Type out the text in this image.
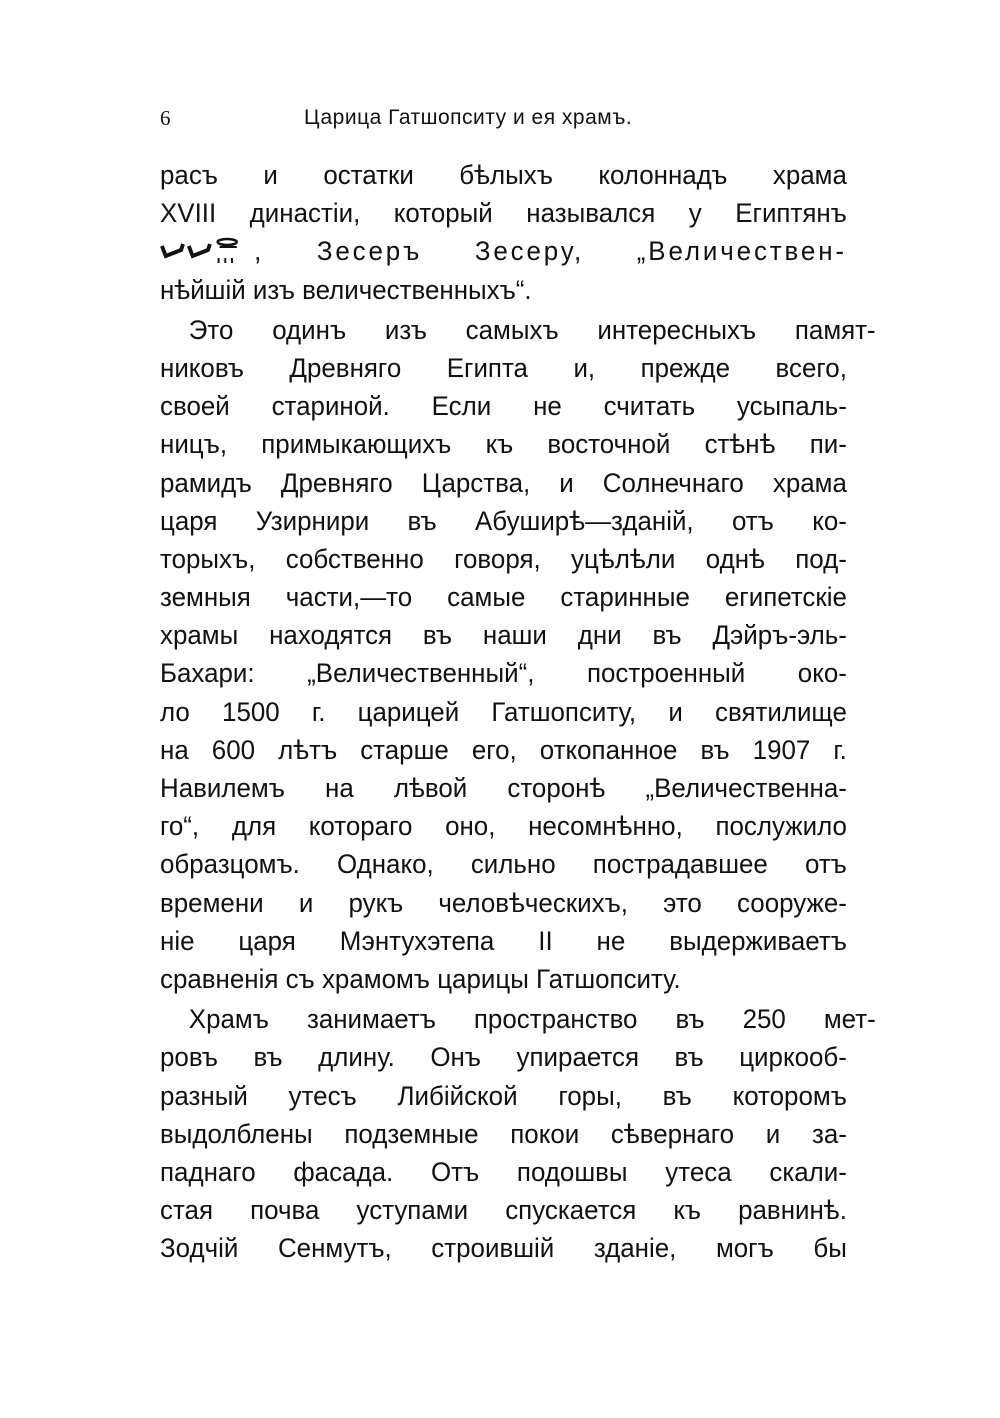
6	Царица Гатшопситу и ея храмъ.
расъ и остатки бѣлыхъ колоннадъ храма
XVIII династіи, который назывался у Египтянъ
, Зесеръ Зесеру, „Величествен-
нѣйшій изъ величественныхъ“.
Это одинъ изъ самыхъ интересныхъ памят-
никовъ Древняго Египта и, прежде всего,
своей стариной. Если не считать усыпаль-
ницъ, примыкающихъ къ восточной стѣнѣ пи-
рамидъ Древняго Царства, и Солнечнаго храма
царя Узирнири въ Абуширѣ—зданій, отъ ко-
торыхъ, собственно говоря, уцѣлѣли однѣ под-
земныя части,—то самые старинные египетскіе
храмы находятся въ наши дни въ Дэйръ-эль-
Бахари: „Величественный“, построенный око-
ло 1500 г. царицей Гатшопситу, и святилище
на 600 лѣтъ старше его, откопанное въ 1907 г.
Навилемъ на лѣвой сторонѣ „Величественна-
го“, для котораго оно, несомнѣнно, послужило
образцомъ. Однако, сильно пострадавшее отъ
времени и рукъ человѣческихъ, это сооруже-
ніе царя Мэнтухэтепа II не выдерживаетъ
сравненія съ храмомъ царицы Гатшопситу.
Храмъ занимаетъ пространство въ 250 мет-
ровъ въ длину. Онъ упирается въ циркооб-
разный утесъ Либійской горы, въ которомъ
выдолблены подземные покои сѣвернаго и за-
паднаго фасада. Отъ подошвы утеса скали-
стая почва уступами спускается къ равнинѣ.
Зодчій Сенмутъ, строившій зданіе, могъ бы
